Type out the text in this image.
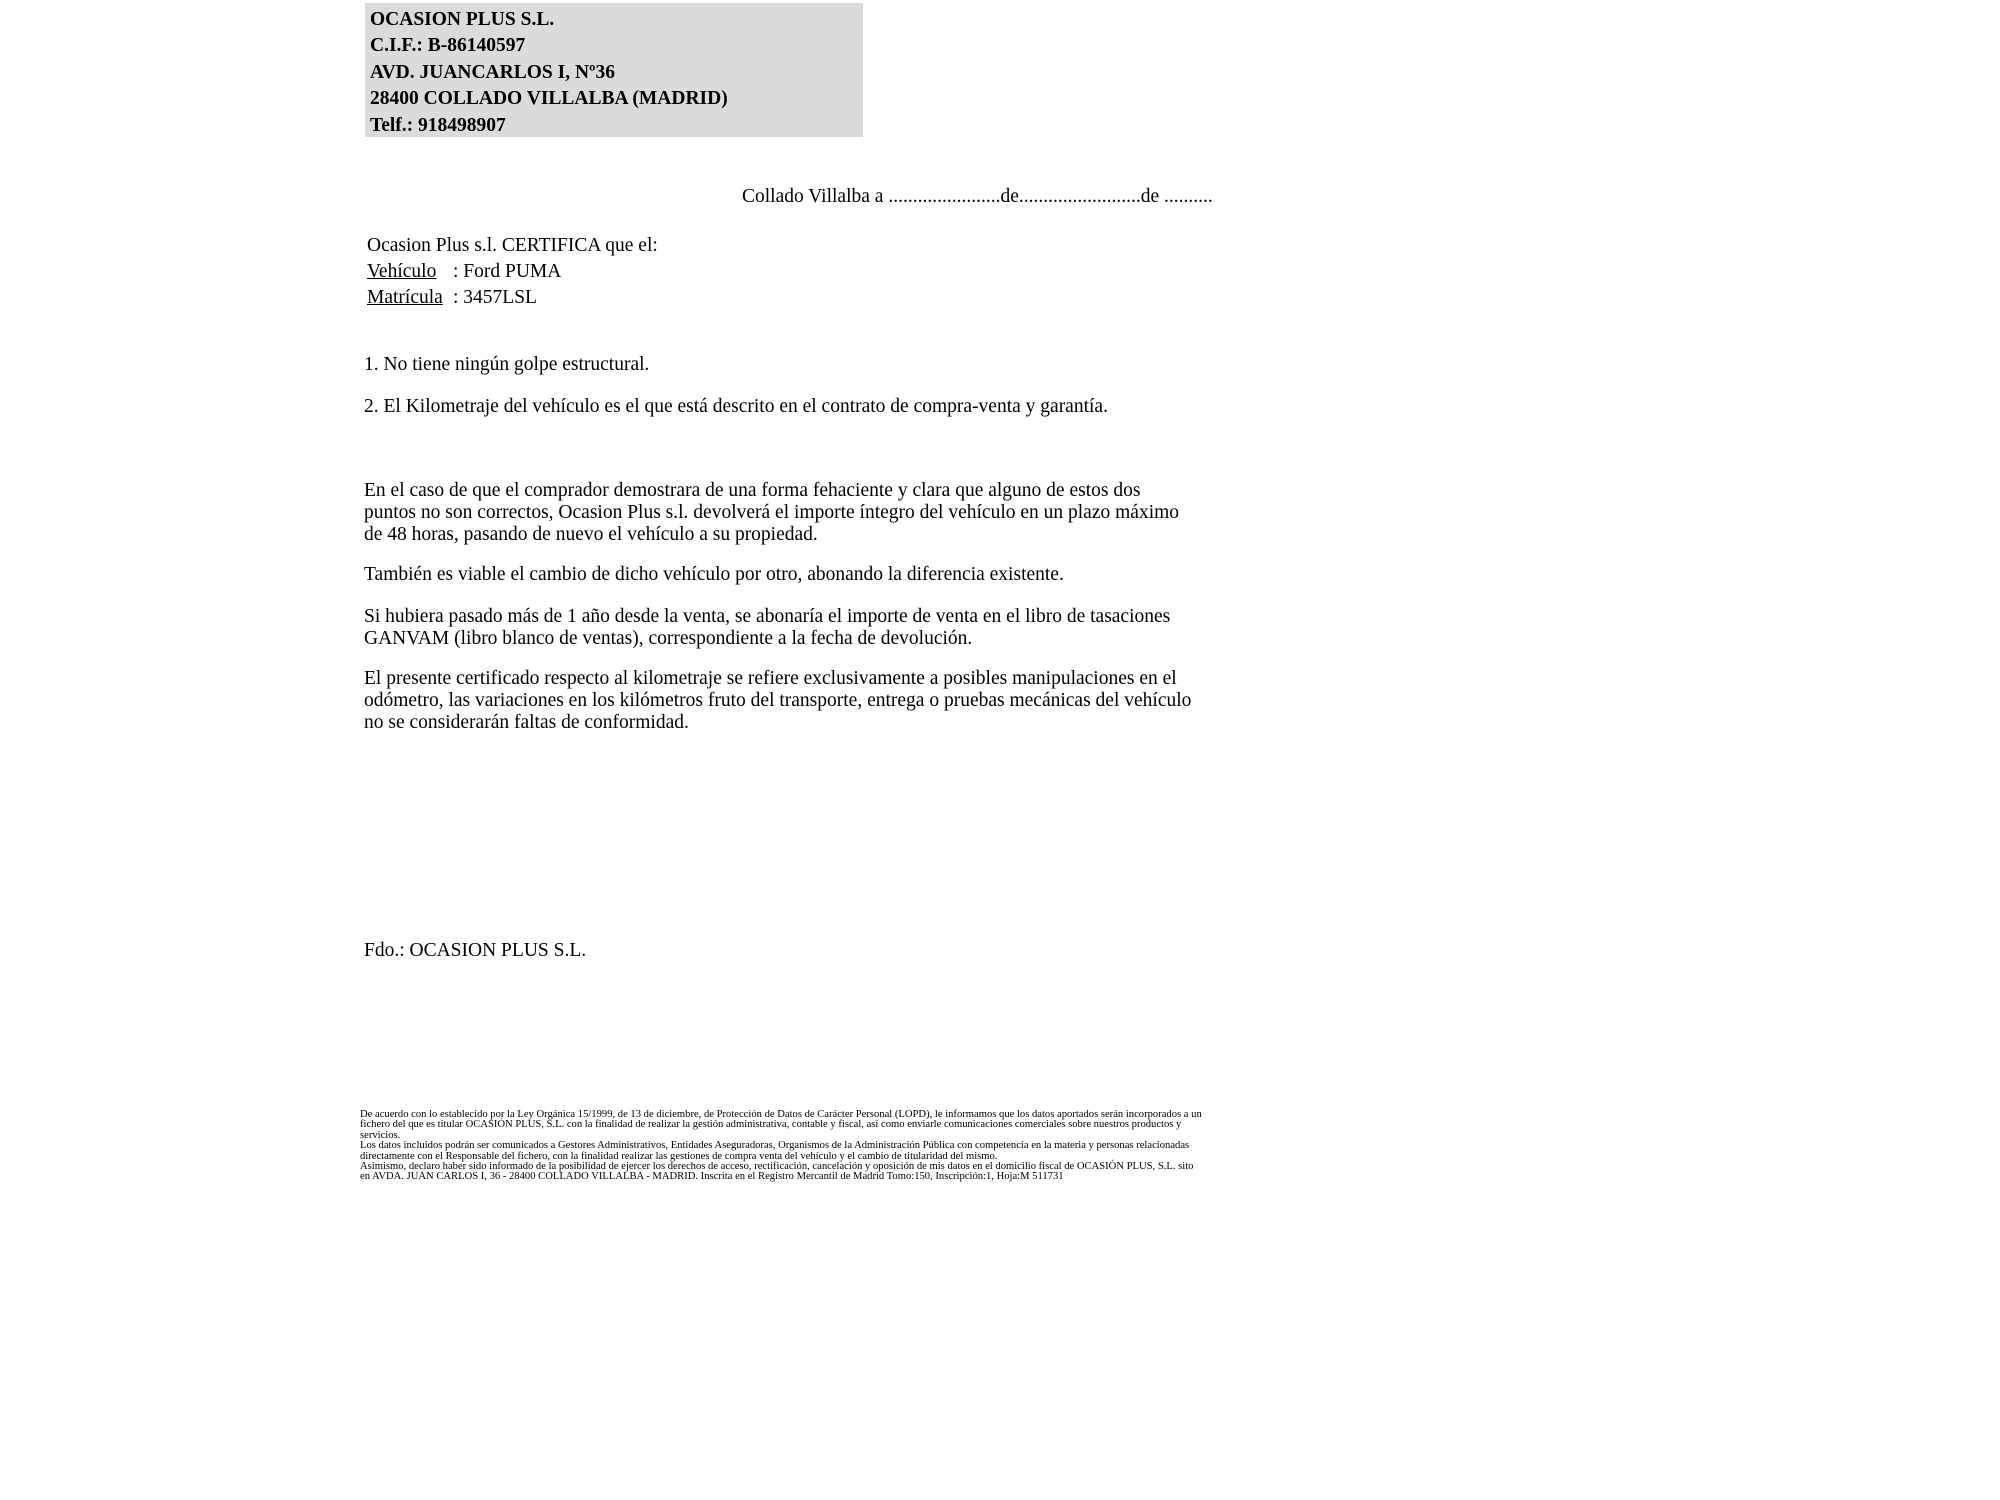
OCASION PLUS S.L.

C.I.F.: B-86140597

AVD. JUANCARLOS I, Nº36

28400 COLLADO VILLALBA (MADRID)

Telf.: 918498907

Collado Villalba a .......................de.........................de ..........

Ocasion Plus s.l. CERTIFICA que el:

Vehículo : Ford PUMA

Matrícula : 3457LSL

1. No tiene ningún golpe estructural.

2. El Kilometraje del vehículo es el que está descrito en el contrato de compra-venta y garantía.

En el caso de que el comprador demostrara de una forma fehaciente y clara que alguno de estos dos puntos no son correctos, Ocasion Plus s.l. devolverá el importe íntegro del vehículo en un plazo máximo de 48 horas, pasando de nuevo el vehículo a su propiedad.

También es viable el cambio de dicho vehículo por otro, abonando la diferencia existente.

Si hubiera pasado más de 1 año desde la venta, se abonaría el importe de venta en el libro de tasaciones GANVAM (libro blanco de ventas), correspondiente a la fecha de devolución.

El presente certificado respecto al kilometraje se refiere exclusivamente a posibles manipulaciones en el odómetro, las variaciones en los kilómetros fruto del transporte, entrega o pruebas mecánicas del vehículo no se considerarán faltas de conformidad.

Fdo.: OCASION PLUS S.L.

De acuerdo con lo establecido por la Ley Orgánica 15/1999, de 13 de diciembre, de Protección de Datos de Carácter Personal (LOPD), le informamos que los datos aportados serán incorporados a un fichero del que es titular OCASIÓN PLUS, S.L. con la finalidad de realizar la gestión administrativa, contable y fiscal, así como enviarle comunicaciones comerciales sobre nuestros productos y servicios.

Los datos incluidos podrán ser comunicados a Gestores Administrativos, Entidades Aseguradoras, Organismos de la Administración Pública con competencia en la materia y personas relacionadas directamente con el Responsable del fichero, con la finalidad realizar las gestiones de compra venta del vehículo y el cambio de titularidad del mismo.

Asimismo, declaro haber sido informado de la posibilidad de ejercer los derechos de acceso, rectificación, cancelación y oposición de mis datos en el domicilio fiscal de OCASIÓN PLUS, S.L. sito en AVDA. JUAN CARLOS I, 36 - 28400 COLLADO VILLALBA - MADRID. Inscrita en el Registro Mercantil de Madrid Tomo:150, Inscripción:1, Hoja:M 511731
